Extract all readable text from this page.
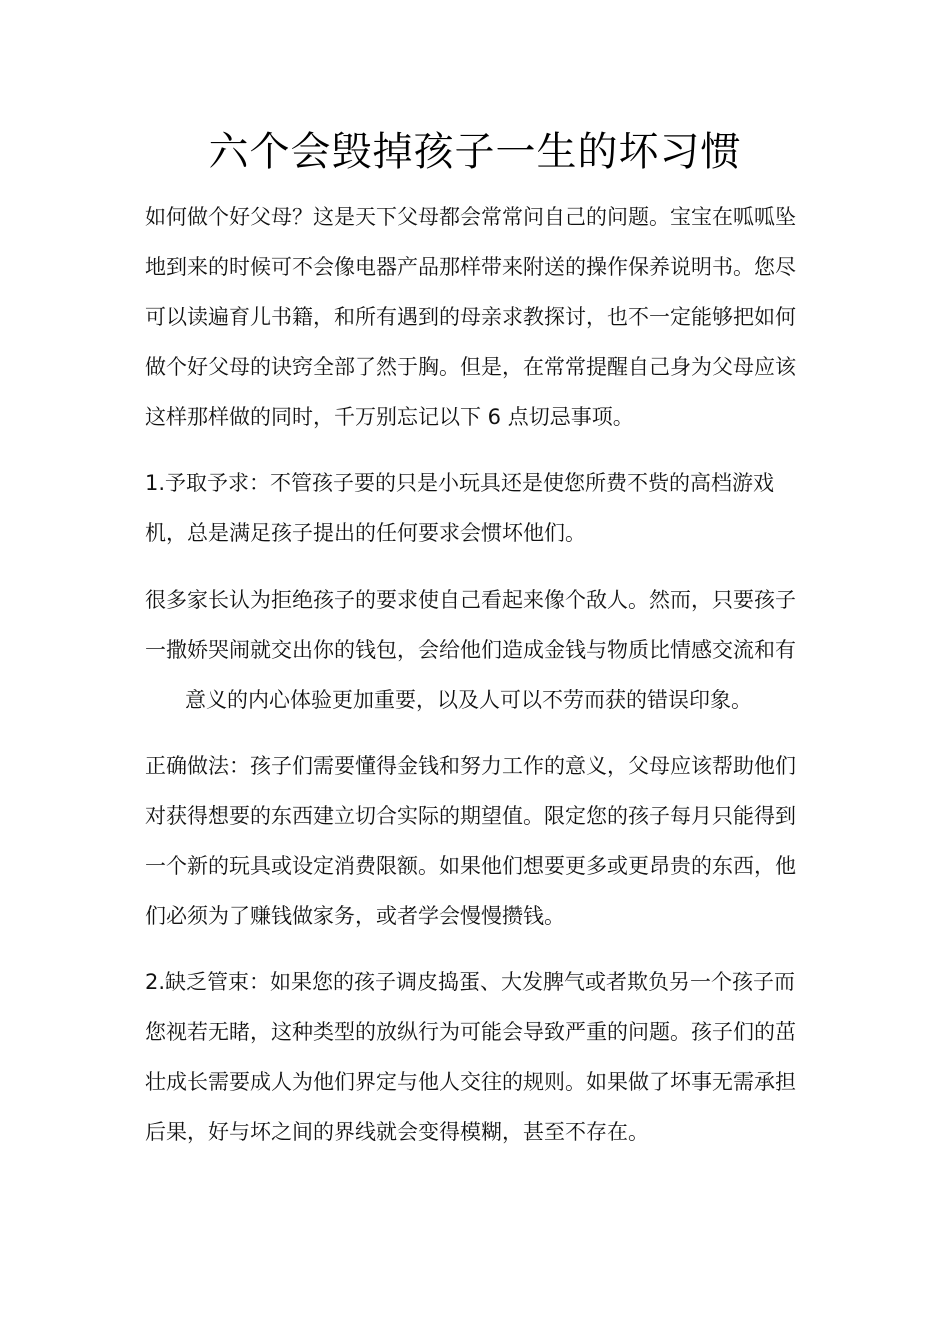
六个会毁掉孩子一生的坏习惯

如何做个好父母？这是天下父母都会常常问自己的问题。宝宝在呱呱坠

地到来的时候可不会像电器产品那样带来附送的操作保养说明书。您尽

可以读遍育儿书籍，和所有遇到的母亲求教探讨，也不一定能够把如何

做个好父母的诀窍全部了然于胸。但是，在常常提醒自己身为父母应该

这样那样做的同时，千万别忘记以下 6 点切忌事项。

1.予取予求：不管孩子要的只是小玩具还是使您所费不赀的高档游戏

机，总是满足孩子提出的任何要求会惯坏他们。

很多家长认为拒绝孩子的要求使自己看起来像个敌人。然而，只要孩子

一撒娇哭闹就交出你的钱包，会给他们造成金钱与物质比情感交流和有

意义的内心体验更加重要，以及人可以不劳而获的错误印象。

正确做法：孩子们需要懂得金钱和努力工作的意义，父母应该帮助他们

对获得想要的东西建立切合实际的期望值。限定您的孩子每月只能得到

一个新的玩具或设定消费限额。如果他们想要更多或更昂贵的东西，他

们必须为了赚钱做家务，或者学会慢慢攒钱。

2.缺乏管束：如果您的孩子调皮捣蛋、大发脾气或者欺负另一个孩子而

您视若无睹，这种类型的放纵行为可能会导致严重的问题。孩子们的茁

壮成长需要成人为他们界定与他人交往的规则。如果做了坏事无需承担

后果，好与坏之间的界线就会变得模糊，甚至不存在。
